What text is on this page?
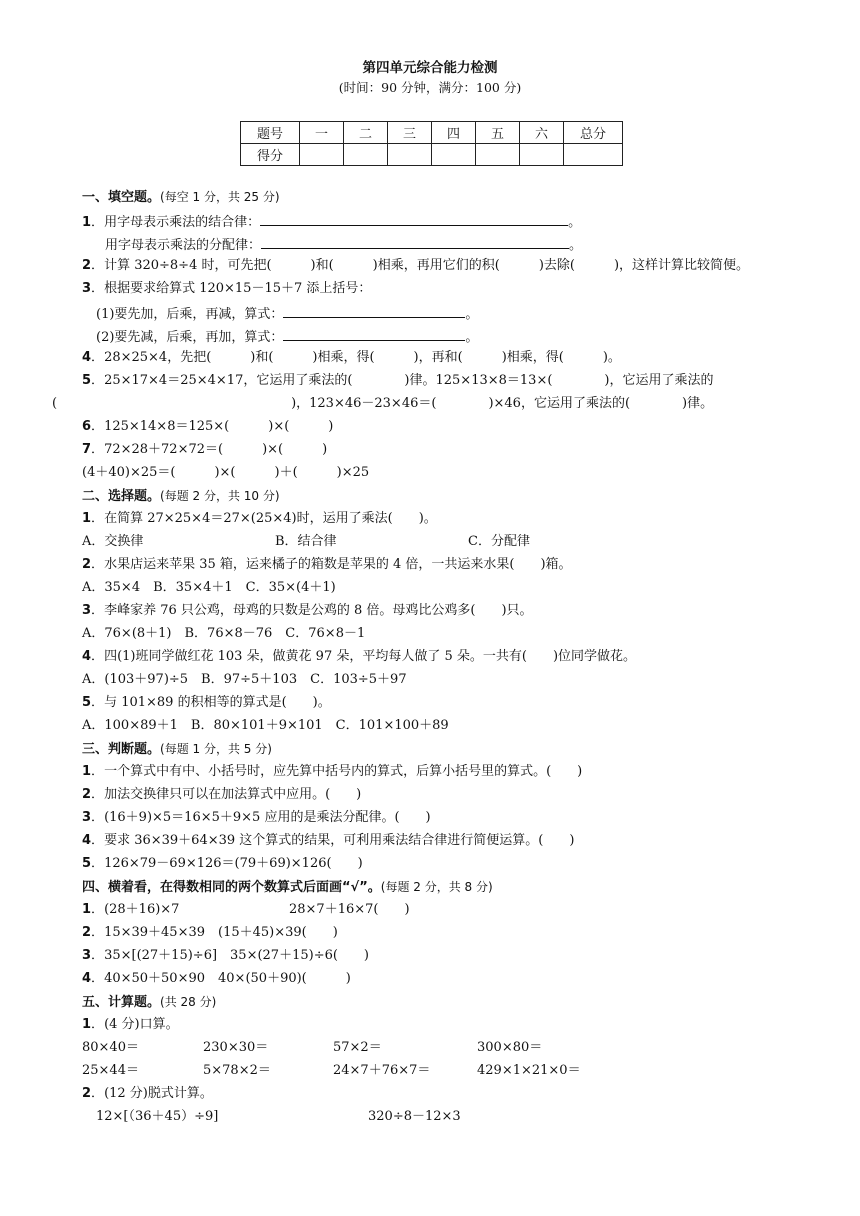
第四单元综合能力检测
(时间：90 分钟，满分：100 分)
题号	一	二	三	四	五	六	总分
得分							
一、填空题。(每空 1 分，共 25 分)
1．用字母表示乘法的结合律：	。
用字母表示乘法的分配律：	。
2．计算 320÷8÷4 时，可先把(　　　)和(　　　)相乘，再用它们的积(　　　)去除(　　　)，这样计算比较简便。
3．根据要求给算式 120×15－15＋7 添上括号：
(1)要先加，后乘，再减，算式：	。
(2)要先减，后乘，再加，算式：	。
4．28×25×4，先把(　　　)和(　　　)相乘，得(　　　)，再和(　　　)相乘，得(　　　)。
5．25×17×4＝25×4×17，它运用了乘法的(　　　　)律。125×13×8＝13×(　　　　)，它运用了乘法的
(　　　　　　　　　　　　　　　　　　)，123×46－23×46＝(　　　　)×46，它运用了乘法的(　　　　)律。
6．125×14×8＝125×(　　　)×(　　　)
7．72×28＋72×72＝(　　　)×(　　　)
(4＋40)×25＝(　　　)×(　　　)＋(　　　)×25
二、选择题。(每题 2 分，共 10 分)
1．在简算 27×25×4＝27×(25×4)时，运用了乘法(　　)。
A．交换律	B．结合律	C．分配律
2．水果店运来苹果 35 箱，运来橘子的箱数是苹果的 4 倍，一共运来水果(　　)箱。
A．35×4　B．35×4＋1　C．35×(4＋1)
3．李峰家养 76 只公鸡，母鸡的只数是公鸡的 8 倍。母鸡比公鸡多(　　)只。
A．76×(8＋1)　B．76×8－76　C．76×8－1
4．四(1)班同学做红花 103 朵，做黄花 97 朵，平均每人做了 5 朵。一共有(　　)位同学做花。
A．(103＋97)÷5　B．97÷5＋103　C．103÷5＋97
5．与 101×89 的积相等的算式是(　　)。
A．100×89＋1　B．80×101＋9×101　C．101×100＋89
三、判断题。(每题 1 分，共 5 分)
1．一个算式中有中、小括号时，应先算中括号内的算式，后算小括号里的算式。(　　)
2．加法交换律只可以在加法算式中应用。(　　)
3．(16＋9)×5＝16×5＋9×5 应用的是乘法分配律。(　　)
4．要求 36×39＋64×39 这个算式的结果，可利用乘法结合律进行简便运算。(　　)
5．126×79－69×126＝(79＋69)×126(　　)
四、横着看，在得数相同的两个数算式后面画“√”。(每题 2 分，共 8 分)
1．(28＋16)×7	28×7＋16×7(　　)
2．15×39＋45×39　(15＋45)×39(　　)
3．35×[(27＋15)÷6]　35×(27＋15)÷6(　　)
4．40×50＋50×90　40×(50＋90)(　　　)
五、计算题。(共 28 分)
1．(4 分)口算。
80×40＝	230×30＝	57×2＝	300×80＝
25×44＝	5×78×2＝	24×7＋76×7＝	429×1×21×0＝
2．(12 分)脱式计算。
12×[（36＋45）÷9]	320÷8－12×3
